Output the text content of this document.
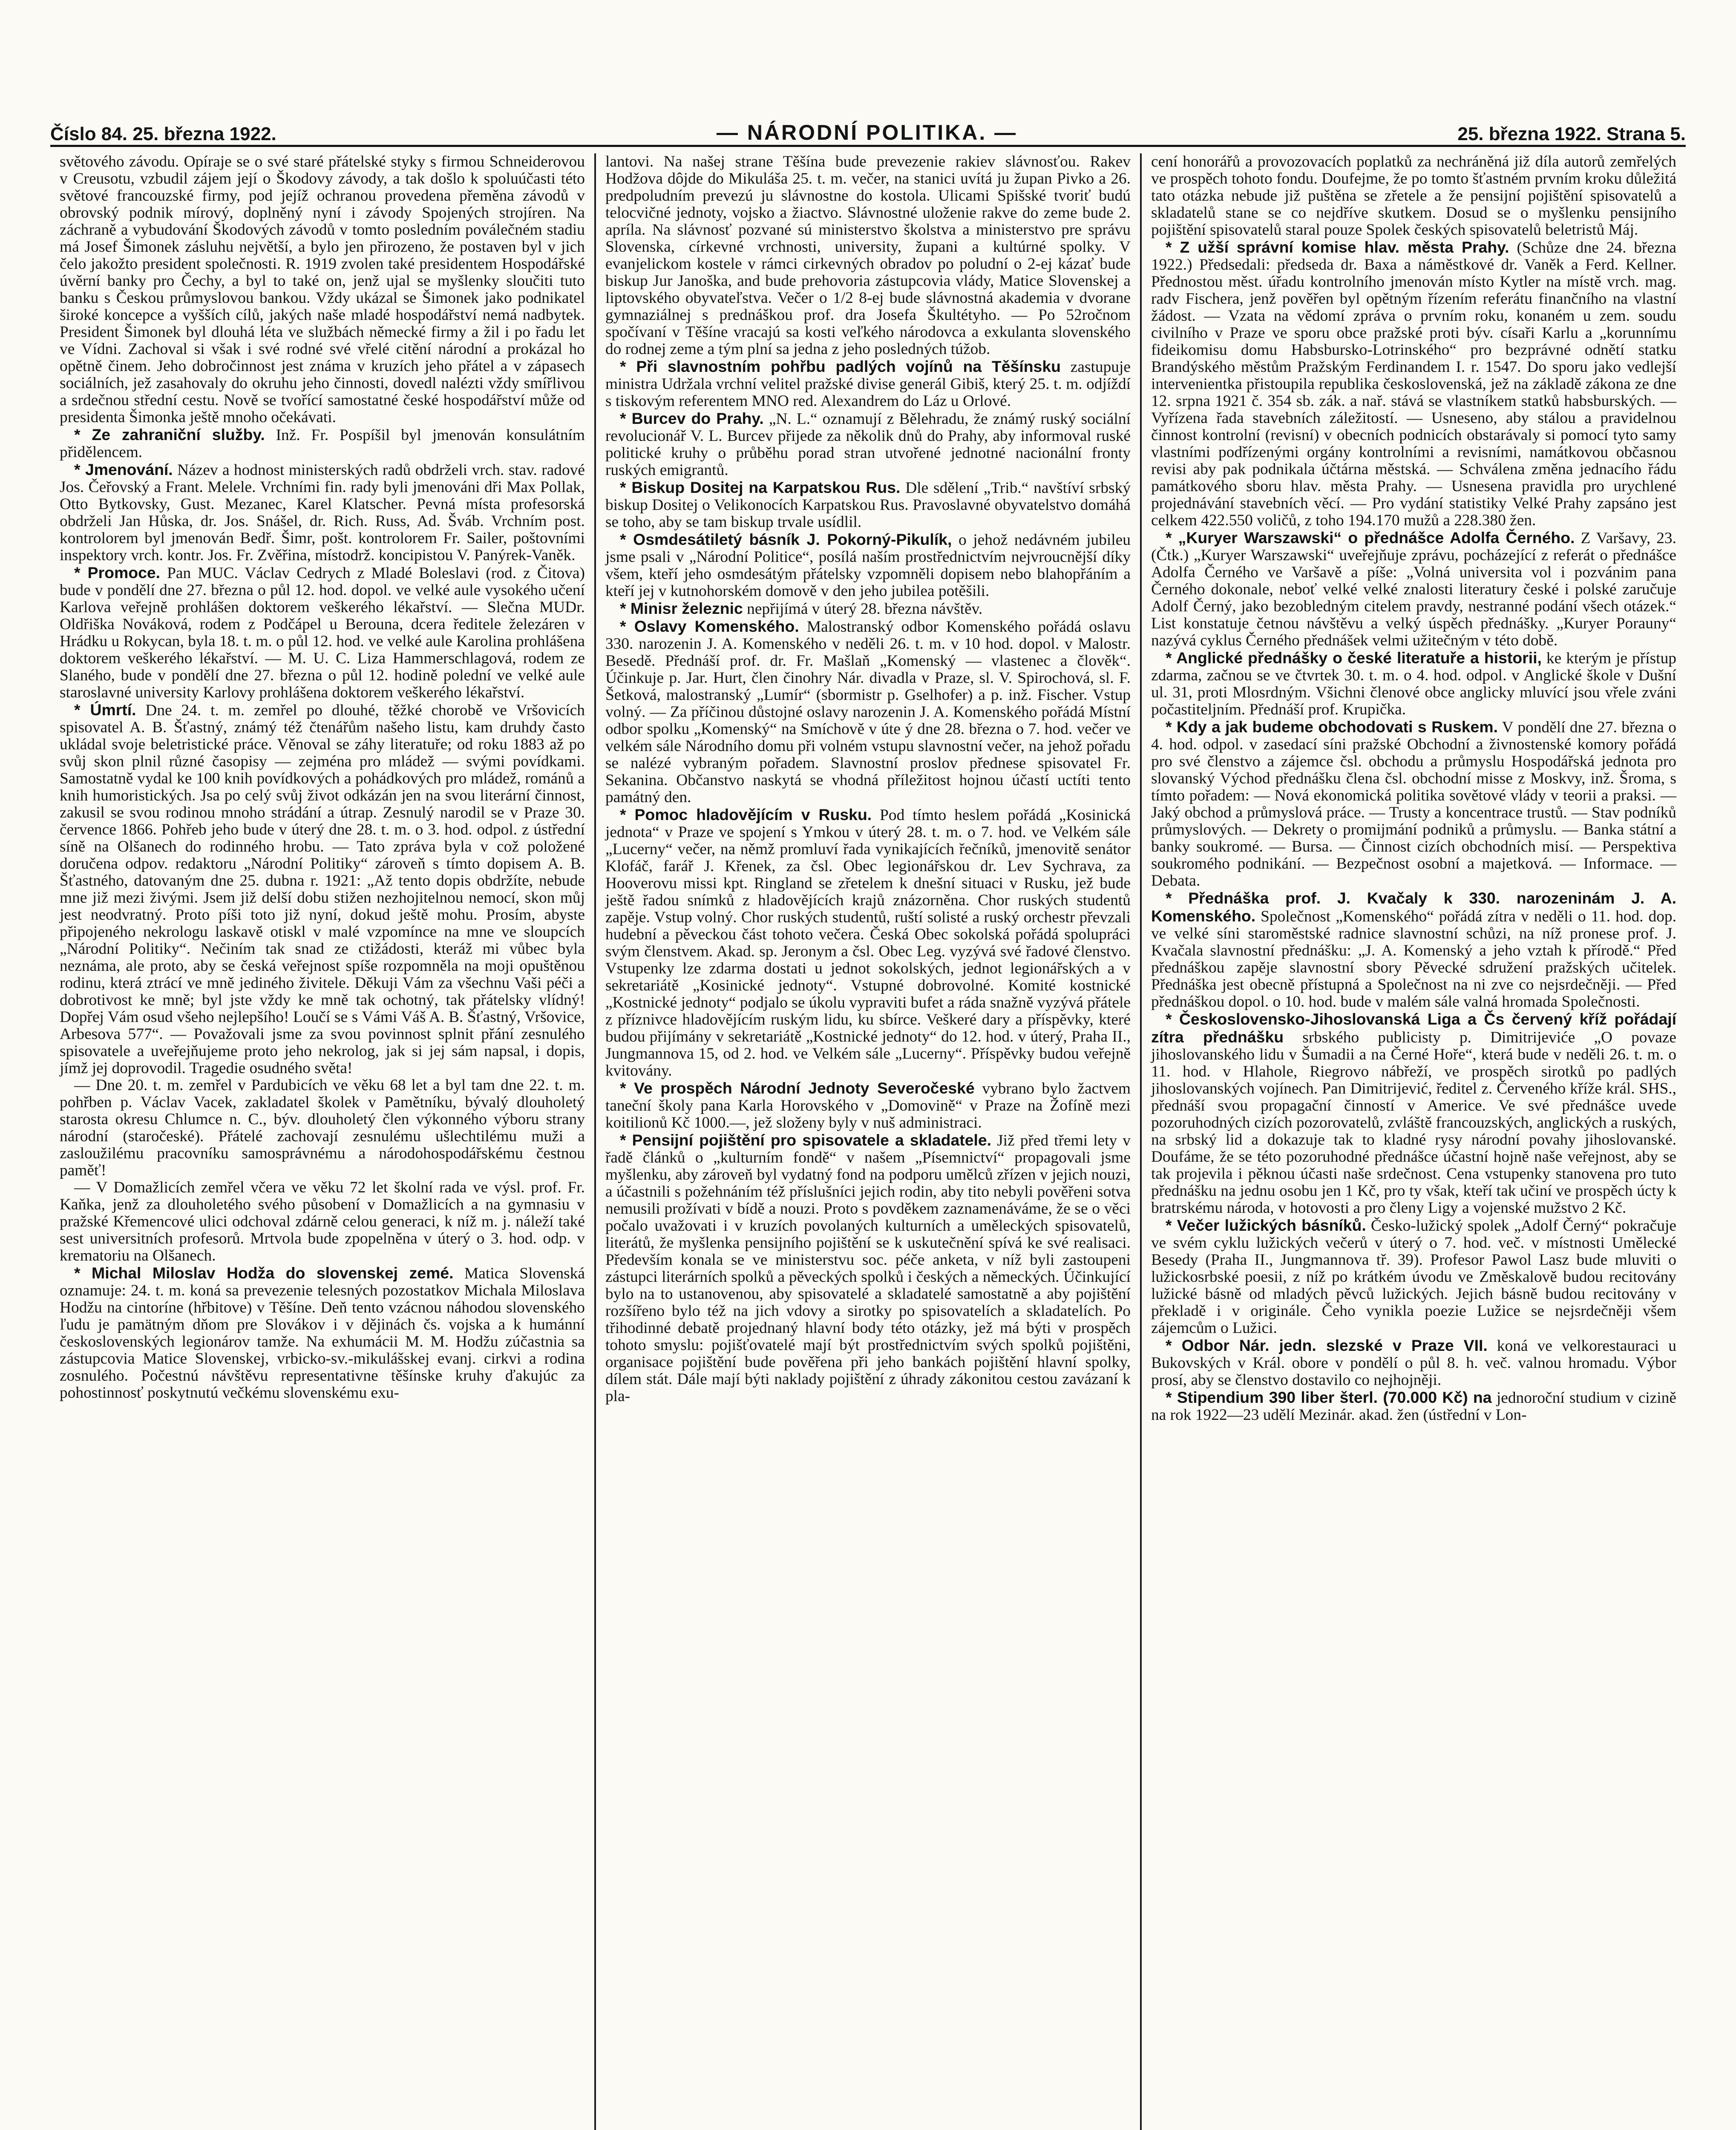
Číslo 84. 25. března 1922.	— NÁRODNÍ POLITIKA. —	25. března 1922. Strana 5.

světového závodu. Opíraje se o své staré přátelské styky s firmou Schneiderovou v Creusotu, vzbudil zájem její o Škodovy závody, a tak došlo k spoluúčasti této světové francouzské firmy, pod jejíž ochranou provedena přeměna závodů v obrovský podnik mírový, doplněný nyní i závody Spojených strojíren. Na záchraně a vybudování Škodových závodů v tomto posledním poválečném stadiu má Josef Šimonek zásluhu největší, a bylo jen přirozeno, že postaven byl v jich čelo jakožto president společnosti. R. 1919 zvolen také presidentem Hospodářské úvěrní banky pro Čechy, a byl to také on, jenž ujal se myšlenky sloučiti tuto banku s Českou průmyslovou bankou. Vždy ukázal se Šimonek jako podnikatel široké koncepce a vyšších cílů, jakých naše mladé hospodářství nemá nadbytek. President Šimonek byl dlouhá léta ve službách německé firmy a žil i po řadu let ve Vídni. Zachoval si však i své rodné své vřelé citění národní a prokázal ho opětně činem. Jeho dobročinnost jest známa v kruzích jeho přátel a v zápasech sociálních, jež zasahovaly do okruhu jeho činnosti, dovedl nalézti vždy smířlivou a srdečnou střední cestu. Nově se tvořící samostatné české hospodářství může od presidenta Šimonka ještě mnoho očekávati.

* Ze zahraniční služby. Inž. Fr. Pospíšil byl jmenován konsulátním přidělencem.

* Jmenování. Název a hodnost ministerských radů obdrželi vrch. stav. radové Jos. Čeřovský a Frant. Melele. Vrchními fin. rady byli jmenováni dři Max Pollak, Otto Bytkovsky, Gust. Mezanec, Karel Klatscher. Pevná místa profesorská obdrželi Jan Hůska, dr. Jos. Snášel, dr. Rich. Russ, Ad. Šváb. Vrchním post. kontrolorem byl jmenován Bedř. Šimr, pošt. kontrolorem Fr. Sailer, poštovními inspektory vrch. kontr. Jos. Fr. Zvěřina, místodrž. koncipistou V. Panýrek-Vaněk.

* Promoce. Pan MUC. Václav Cedrych z Mladé Boleslavi (rod. z Čitova) bude v pondělí dne 27. března o půl 12. hod. dopol. ve velké aule vysokého učení Karlova veřejně prohlášen doktorem veškerého lékařství. — Slečna MUDr. Oldřiška Nováková, rodem z Podčápel u Berouna, dcera ředitele železáren v Hrádku u Rokycan, byla 18. t. m. o půl 12. hod. ve velké aule Karolina prohlášena doktorem veškerého lékařství. — M. U. C. Liza Hammerschlagová, rodem ze Slaného, bude v pondělí dne 27. března o půl 12. hodině polední ve velké aule staroslavné university Karlovy prohlášena doktorem veškerého lékařství.

* Úmrtí. Dne 24. t. m. zemřel po dlouhé, těžké chorobě ve Vršovicích spisovatel A. B. Šťastný, známý též čtenářům našeho listu, kam druhdy často ukládal svoje beletristické práce. Věnoval se záhy literatuře; od roku 1883 až po svůj skon plnil různé časopisy — zejména pro mládež — svými povídkami. Samostatně vydal ke 100 knih povídkových a pohádkových pro mládež, románů a knih humoristických. Jsa po celý svůj život odkázán jen na svou literární činnost, zakusil se svou rodinou mnoho strádání a útrap. Zesnulý narodil se v Praze 30. července 1866. Pohřeb jeho bude v úterý dne 28. t. m. o 3. hod. odpol. z ústřední síně na Olšanech do rodinného hrobu. — Tato zpráva byla v což položené doručena odpov. redaktoru „Národní Politiky“ zároveň s tímto dopisem A. B. Šťastného, datovaným dne 25. dubna r. 1921: „Až tento dopis obdržíte, nebude mne již mezi živými. Jsem již delší dobu stižen nezhojitelnou nemocí, skon můj jest neodvratný. Proto píši toto již nyní, dokud ještě mohu. Prosím, abyste připojeného nekrologu laskavě otiskl v malé vzpomínce na mne ve sloupcích „Národní Politiky“. Nečiním tak snad ze ctižádosti, kteráž mi vůbec byla neznáma, ale proto, aby se česká veřejnost spíše rozpomněla na moji opuštěnou rodinu, která ztrácí ve mně jediného živitele. Děkuji Vám za všechnu Vaši péči a dobrotivost ke mně; byl jste vždy ke mně tak ochotný, tak přátelsky vlídný! Dopřej Vám osud všeho nejlepšího! Loučí se s Vámi Váš A. B. Šťastný, Vršovice, Arbesova 577“. — Považovali jsme za svou povinnost splnit přání zesnulého spisovatele a uveřejňujeme proto jeho nekrolog, jak si jej sám napsal, i dopis, jímž jej doprovodil. Tragedie osudného světa!

— Dne 20. t. m. zemřel v Pardubicích ve věku 68 let a byl tam dne 22. t. m. pohřben p. Václav Vacek, zakladatel školek v Pamětníku, bývalý dlouholetý starosta okresu Chlumce n. C., býv. dlouholetý člen výkonného výboru strany národní (staročeské). Přátelé zachovají zesnulému ušlechtilému muži a zasloužilému pracovníku samosprávnému a národohospodářskému čestnou paměť!

— V Domažlicích zemřel včera ve věku 72 let školní rada ve výsl. prof. Fr. Kaňka, jenž za dlouholetého svého působení v Domažlicích a na gymnasiu v pražské Křemencové ulici odchoval zdárně celou generaci, k níž m. j. náleží také sest universitních profesorů. Mrtvola bude zpopelněna v úterý o 3. hod. odp. v krematoriu na Olšanech.

* Michal Miloslav Hodža do slovenskej zemé. Matica Slovenská oznamuje: 24. t. m. koná sa prevezenie telesných pozostatkov Michala Miloslava Hodžu na cintoríne (hřbitove) v Těšíne. Deň tento vzácnou náhodou slovenského ľudu je pamätným dňom pre Slovákov i v dějinách čs. vojska a k humánní československých legionárov tamže. Na exhumácii M. M. Hodžu zúčastnia sa zástupcovia Matice Slovenskej, vrbicko-sv.-mikulášskej evanj. cirkvi a rodina zosnulého. Počestnú návštěvu representativne těšínske kruhy ďakujúc za pohostinnosť poskytnutú večkému slovenskému exu-

lantovi. Na našej strane Těšína bude prevezenie rakiev slávnosťou. Rakev Hodžova dôjde do Mikuláša 25. t. m. večer, na stanici uvítá ju župan Pivko a 26. predpoludním prevezú ju slávnostne do kostola. Ulicami Spišské tvoriť budú telocvičné jednoty, vojsko a žiactvo. Slávnostné uloženie rakve do zeme bude 2. apríla. Na slávnosť pozvané sú ministerstvo školstva a ministerstvo pre správu Slovenska, církevné vrchnosti, university, župani a kultúrné spolky. V evanjelickom kostele v rámci cirkevných obradov po poludní o 2-ej kázať bude biskup Jur Janoška, and bude prehovoria zástupcovia vlády, Matice Slovenskej a liptovského obyvateľstva. Večer o 1/2 8-ej bude slávnostná akademia v dvorane gymnaziálnej s prednáškou prof. dra Josefa Škultétyho. — Po 52ročnom spočívaní v Těšíne vracajú sa kosti veľkého národovca a exkulanta slovenského do rodnej zeme a tým plní sa jedna z jeho posledných túžob.

* Při slavnostním pohřbu padlých vojínů na Těšínsku zastupuje ministra Udržala vrchní velitel pražské divise generál Gibiš, který 25. t. m. odjíždí s tiskovým referentem MNO red. Alexandrem do Láz u Orlové.

* Burcev do Prahy. „N. L.“ oznamují z Bělehradu, že známý ruský sociální revolucionář V. L. Burcev přijede za několik dnů do Prahy, aby informoval ruské politické kruhy o průběhu porad stran utvořené jednotné nacionální fronty ruských emigrantů.

* Biskup Dositej na Karpatskou Rus. Dle sdělení „Trib.“ navštíví srbský biskup Dositej o Velikonocích Karpatskou Rus. Pravoslavné obyvatelstvo domáhá se toho, aby se tam biskup trvale usídlil.

* Osmdesátiletý básník J. Pokorný-Pikulík, o jehož nedávném jubileu jsme psali v „Národní Politice“, posílá naším prostřednictvím nejvroucnější díky všem, kteří jeho osmdesátým přátelsky vzpomněli dopisem nebo blahopřáním a kteří jej v kutnohorském domově v den jeho jubilea potěšili.

* Minisr železnic nepřijímá v úterý 28. března návštěv.

* Oslavy Komenského. Malostranský odbor Komenského pořádá oslavu 330. narozenin J. A. Komenského v neděli 26. t. m. v 10 hod. dopol. v Malostr. Besedě. Přednáší prof. dr. Fr. Mašlaň „Komenský — vlastenec a člověk“. Účinkuje p. Jar. Hurt, člen činohry Nár. divadla v Praze, sl. V. Spirochová, sl. F. Šetková, malostranský „Lumír“ (sbormistr p. Gselhofer) a p. inž. Fischer. Vstup volný. — Za příčinou důstojné oslavy narozenin J. A. Komenského pořádá Místní odbor spolku „Komenský“ na Smíchově v úte ý dne 28. března o 7. hod. večer ve velkém sále Národního domu při volném vstupu slavnostní večer, na jehož pořadu se nalézé vybraným pořadem. Slavnostní proslov přednese spisovatel Fr. Sekanina. Občanstvo naskytá se vhodná příležitost hojnou účastí uctíti tento památný den.

* Pomoc hladovějícím v Rusku. Pod tímto heslem pořádá „Kosinická jednota“ v Praze ve spojení s Ymkou v úterý 28. t. m. o 7. hod. ve Velkém sále „Lucerny“ večer, na němž promluví řada vynikajících řečníků, jmenovitě senátor Klofáč, farář J. Křenek, za čsl. Obec legionářskou dr. Lev Sychrava, za Hooverovu missi kpt. Ringland se zřetelem k dnešní situaci v Rusku, jež bude ještě řadou snímků z hladovějících krajů znázorněna. Chor ruských studentů zapěje. Vstup volný. Chor ruských studentů, ruští solisté a ruský orchestr převzali hudební a pěveckou část tohoto večera. Česká Obec sokolská pořádá spolupráci svým členstvem. Akad. sp. Jeronym a čsl. Obec Leg. vyzývá své řadové členstvo. Vstupenky lze zdarma dostati u jednot sokolských, jednot legionářských a v sekretariátě „Kosinické jednoty“. Vstupné dobrovolné. Komité kostnické „Kostnické jednoty“ podjalo se úkolu vypraviti bufet a ráda snažně vyzývá přátele z příznivce hladovějícím ruským lidu, ku sbírce. Veškeré dary a příspěvky, které budou přijímány v sekretariátě „Kostnické jednoty“ do 12. hod. v úterý, Praha II., Jungmannova 15, od 2. hod. ve Velkém sále „Lucerny“. Příspěvky budou veřejně kvitovány.

* Ve prospěch Národní Jednoty Severočeské vybrano bylo žactvem taneční školy pana Karla Horovského v „Domovině“ v Praze na Žofíně mezi koitilionů Kč 1000.—, jež složeny byly v nuš administraci.

* Pensijní pojištění pro spisovatele a skladatele. Již před třemi lety v řadě článků o „kulturním fondě“ v našem „Písemnictví“ propagovali jsme myšlenku, aby zároveň byl vydatný fond na podporu umělců zřízen v jejich nouzi, a účastnili s požehnáním též příslušníci jejich rodin, aby tito nebyli pověřeni sotva nemusili prožívati v bídě a nouzi. Proto s povděkem zaznamenáváme, že se o věci počalo uvažovati i v kruzích povolaných kulturních a uměleckých spisovatelů, literátů, že myšlenka pensijního pojištění se k uskutečnění spívá ke své realisaci. Především konala se ve ministerstvu soc. péče anketa, v níž byli zastoupeni zástupci literárních spolků a pěveckých spolků i českých a německých. Účinkující bylo na to ustanovenou, aby spisovatelé a skladatelé samostatně a aby pojištění rozšířeno bylo též na jich vdovy a sirotky po spisovatelích a skladatelích. Po třihodinné debatě projednaný hlavní body této otázky, jež má býti v prospěch tohoto smyslu: pojišťovatelé mají být prostřednictvím svých spolků pojištěni, organisace pojištění bude pověřena při jeho bankách pojištění hlavní spolky, dílem stát. Dále mají býti naklady pojištění z úhrady zákonitou cestou zavázaní k pla-

cení honorářů a provozovacích poplatků za nechráněná již díla autorů zemřelých ve prospěch tohoto fondu. Doufejme, že po tomto šťastném prvním kroku důležitá tato otázka nebude již puštěna se zřetele a že pensijní pojištění spisovatelů a skladatelů stane se co nejdříve skutkem. Dosud se o myšlenku pensijního pojištění spisovatelů staral pouze Spolek českých spisovatelů beletristů Máj.

* Z užší správní komise hlav. města Prahy. (Schůze dne 24. března 1922.) Předsedali: předseda dr. Baxa a náměstkové dr. Vaněk a Ferd. Kellner. Přednostou měst. úřadu kontrolního jmenován místo Kytler na místě vrch. mag. radv Fischera, jenž pověřen byl opětným řízením referátu finančního na vlastní žádost. — Vzata na vědomí zpráva o prvním roku, konaném u zem. soudu civilního v Praze ve sporu obce pražské proti býv. císaři Karlu a „korunnímu fideikomisu domu Habsbursko-Lotrinského“ pro bezprávné odnětí statku Brandýského městům Pražským Ferdinandem I. r. 1547. Do sporu jako vedlejší intervenientka přistoupila republika československá, jež na základě zákona ze dne 12. srpna 1921 č. 354 sb. zák. a nař. stává se vlastníkem statků habsburských. — Vyřízena řada stavebních záležitostí. — Usneseno, aby stálou a pravidelnou činnost kontrolní (revisní) v obecních podnicích obstarávaly si pomocí tyto samy vlastními podřízenými orgány kontrolními a revisními, namátkovou občasnou revisi aby pak podnikala účtárna městská. — Schválena změna jednacího řádu památkového sboru hlav. města Prahy. — Usnesena pravidla pro urychlené projednávání stavebních věcí. — Pro vydání statistiky Velké Prahy zapsáno jest celkem 422.550 voličů, z toho 194.170 mužů a 228.380 žen.

* „Kuryer Warszawski“ o přednášce Adolfa Černého. Z Varšavy, 23. (Čtk.) „Kuryer Warszawski“ uveřejňuje zprávu, pocházející z referát o přednášce Adolfa Černého ve Varšavě a píše: „Volná universita vol i pozvánim pana Černého dokonale, neboť velké velké znalosti literatury české i polské zaručuje Adolf Černý, jako bezobledným citelem pravdy, nestranné podání všech otázek.“ List konstatuje četnou návštěvu a velký úspěch přednášky. „Kuryer Porauny“ nazývá cyklus Černého přednášek velmi užitečným v této době.

* Anglické přednášky o české literatuře a historii, ke kterým je přístup zdarma, začnou se ve čtvrtek 30. t. m. o 4. hod. odpol. v Anglické škole v Dušní ul. 31, proti Mlosrdným. Všichni členové obce anglicky mluvící jsou vřele zváni počastiteljním. Přednáší prof. Krupička.

* Kdy a jak budeme obchodovati s Ruskem. V pondělí dne 27. března o 4. hod. odpol. v zasedací síni pražské Obchodní a živnostenské komory pořádá pro své členstvo a zájemce čsl. obchodu a průmyslu Hospodářská jednota pro slovanský Východ přednášku člena čsl. obchodní misse z Moskvy, inž. Šroma, s tímto pořadem: — Nová ekonomická politika sovětové vlády v teorii a praksi. — Jaký obchod a průmyslová práce. — Trusty a koncentrace trustů. — Stav podníků průmyslových. — Dekrety o promijmání podniků a průmyslu. — Banka státní a banky soukromé. — Bursa. — Činnost cizích obchodních misí. — Perspektiva soukromého podnikání. — Bezpečnost osobní a majetková. — Informace. — Debata.

* Přednáška prof. J. Kvačaly k 330. narozeninám J. A. Komenského. Společnost „Komenského“ pořádá zítra v neděli o 11. hod. dop. ve velké síni staroměstské radnice slavnostní schůzi, na níž pronese prof. J. Kvačala slavnostní přednášku: „J. A. Komenský a jeho vztah k přírodě.“ Před přednáškou zapěje slavnostní sbory Pěvecké sdružení pražských učitelek. Přednáška jest obecně přístupná a Společnost na ni zve co nejsrdečněji. — Před přednáškou dopol. o 10. hod. bude v malém sále valná hromada Společnosti.

* Československo-Jihoslovanská Liga a Čs červený kříž pořádají zítra přednášku srbského publicisty p. Dimitrijeviće „O povaze jihoslovanského lidu v Šumadii a na Černé Hoře“, která bude v neděli 26. t. m. o 11. hod. v Hlahole, Riegrovo nábřeží, ve prospěch sirotků po padlých jihoslovanských vojínech. Pan Dimitrijević, ředitel z. Červeného kříže král. SHS., přednáší svou propagační činností v Americe. Ve své přednášce uvede pozoruhodných cizích pozorovatelů, zvláště francouzských, anglických a ruských, na srbský lid a dokazuje tak to kladné rysy národní povahy jihoslovanské. Doufáme, že se této pozoruhodné přednášce účastní hojně naše veřejnost, aby se tak projevila i pěknou účasti naše srdečnost. Cena vstupenky stanovena pro tuto přednášku na jednu osobu jen 1 Kč, pro ty však, kteří tak učiní ve prospěch úcty k bratrskému národa, v hotovosti a pro členy Ligy a vojenské mužstvo 2 Kč.

* Večer lužických básníků. Česko-lužický spolek „Adolf Černý“ pokračuje ve svém cyklu lužických večerů v úterý o 7. hod. več. v místnosti Umělecké Besedy (Praha II., Jungmannova tř. 39). Profesor Pawol Lasz bude mluviti o lužickosrbské poesii, z níž po krátkém úvodu ve Změskalově budou recitovány lužické básně od mladých pěvců lužických. Jejich básně budou recitovány v překladě i v originále. Čeho vynikla poezie Lužice se nejsrdečněji všem zájemcům o Lužici.

* Odbor Nár. jedn. slezské v Praze VII. koná ve velkorestauraci u Bukovských v Král. obore v pondělí o půl 8. h. več. valnou hromadu. Výbor prosí, aby se členstvo dostavilo co nejhojněji.

* Stipendium 390 liber šterl. (70.000 Kč) na jednoroční studium v cizině na rok 1922—23 udělí Mezinár. akad. žen (ústřední v Lon-
